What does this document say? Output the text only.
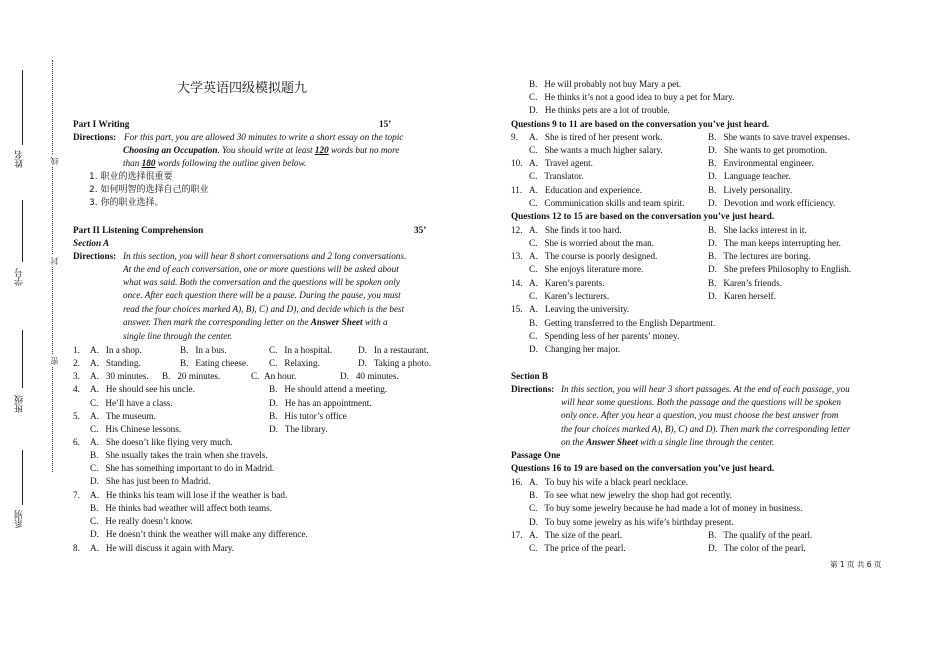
姓名
学号
班级
系别
线
封
密
大学英语四级模拟题九
Part I Writing	15’
Directions: For this part, you are allowed 30 minutes to write a short essay on the topic
Choosing an Occupation. You should write at least 120 words but no more
than 180 words following the outline given below.
1. 职业的选择很重要
2. 如何明智的选择自己的职业
3. 你的职业选择。
Part II Listening Comprehension	35’
Section A
Directions: In this section, you will hear 8 short conversations and 2 long conversations.
At the end of each conversation, one or more questions will be asked about
what was said. Both the conversation and the questions will be spoken only
once. After each question there will be a pause. During the pause, you must
read the four choices marked A), B), C) and D), and decide which is the best
answer. Then mark the corresponding letter on the Answer Sheet with a
single line through the center.
1. A.   In a shop.	B.   In a bus.	C.   In a hospital.	D.   In a restaurant.
2. A.   Standing.	B.   Eating cheese. C.   Relaxing.	D.   Taking a photo.
3. A.   30 minutes. B.   20 minutes.	C.  An hour.	D.   40 minutes.
4. A.   He should see his uncle.	B.   He should attend a meeting.
C.   He’ll have a class.	D.   He has an appointment.
5. A.   The museum.	B.   His tutor’s office
C.   His Chinese lessons.	D.   The library.
6. A.   She doesn’t like flying very much.
B.   She usually takes the train when she travels.
C.   She has something important to do in Madrid.
D.   She has just been to Madrid.
7. A.   He thinks his team will lose if the weather is bad.
B.   He thinks bad weather will affect both teams.
C.   He really doesn’t know.
D.   He doesn’t think the weather will make any difference.
8. A.   He will discuss it again with Mary.
B.   He will probably not buy Mary a pet.
C.   He thinks it’s not a good idea to buy a pet for Mary.
D.   He thinks pets are a lot of trouble.
Questions 9 to 11 are based on the conversation you’ve just heard.
9. A.   She is tired of her present work.	B.   She wants to save travel expenses.
C.   She wants a much higher salary.	D.   She wants to get promotion.
10. A.   Travel agent.	B.   Environmental engineer.
C.   Translator.	D.   Language teacher.
11. A.   Education and experience.	B.   Lively personality.
C.   Communication skills and team spirit.	D.   Devotion and work efficiency.
Questions 12 to 15 are based on the conversation you’ve just heard.
12. A.   She finds it too hard.	B.   She lacks interest in it.
C.   She is worried about the man.	D.   The man keeps interrupting her.
13. A.   The course is poorly designed.	B.   The lectures are boring.
C.   She enjoys literature more.	D.   She prefers Philosophy to English.
14. A.   Karen’s parents.	B.   Karen’s friends.
C.   Karen’s lecturers.	D.   Karen herself.
15. A.   Leaving the university.
B.   Getting transferred to the English Department.
C.   Spending less of her parents’ money.
D.   Changing her major.
Section B
Directions: In this section, you will hear 3 short passages. At the end of each passage, you
will hear some questions. Both the passage and the questions will be spoken
only once. After you hear a question, you must choose the best answer from
the four choices marked A), B), C) and D). Then mark the corresponding letter
on the Answer Sheet with a single line through the center.
Passage One
Questions 16 to 19 are based on the conversation you’ve just heard.
16. A.   To buy his wife a black pearl necklace.
B.   To see what new jewelry the shop had got recently.
C.   To buy some jewelry because he had made a lot of money in business.
D.   To buy some jewelry as his wife’s birthday present.
17. A.   The size of the pearl.	B.   The qualify of the pearl.
C.   The price of the pearl.	D.   The color of the pearl.
第 1 页 共 6 页
